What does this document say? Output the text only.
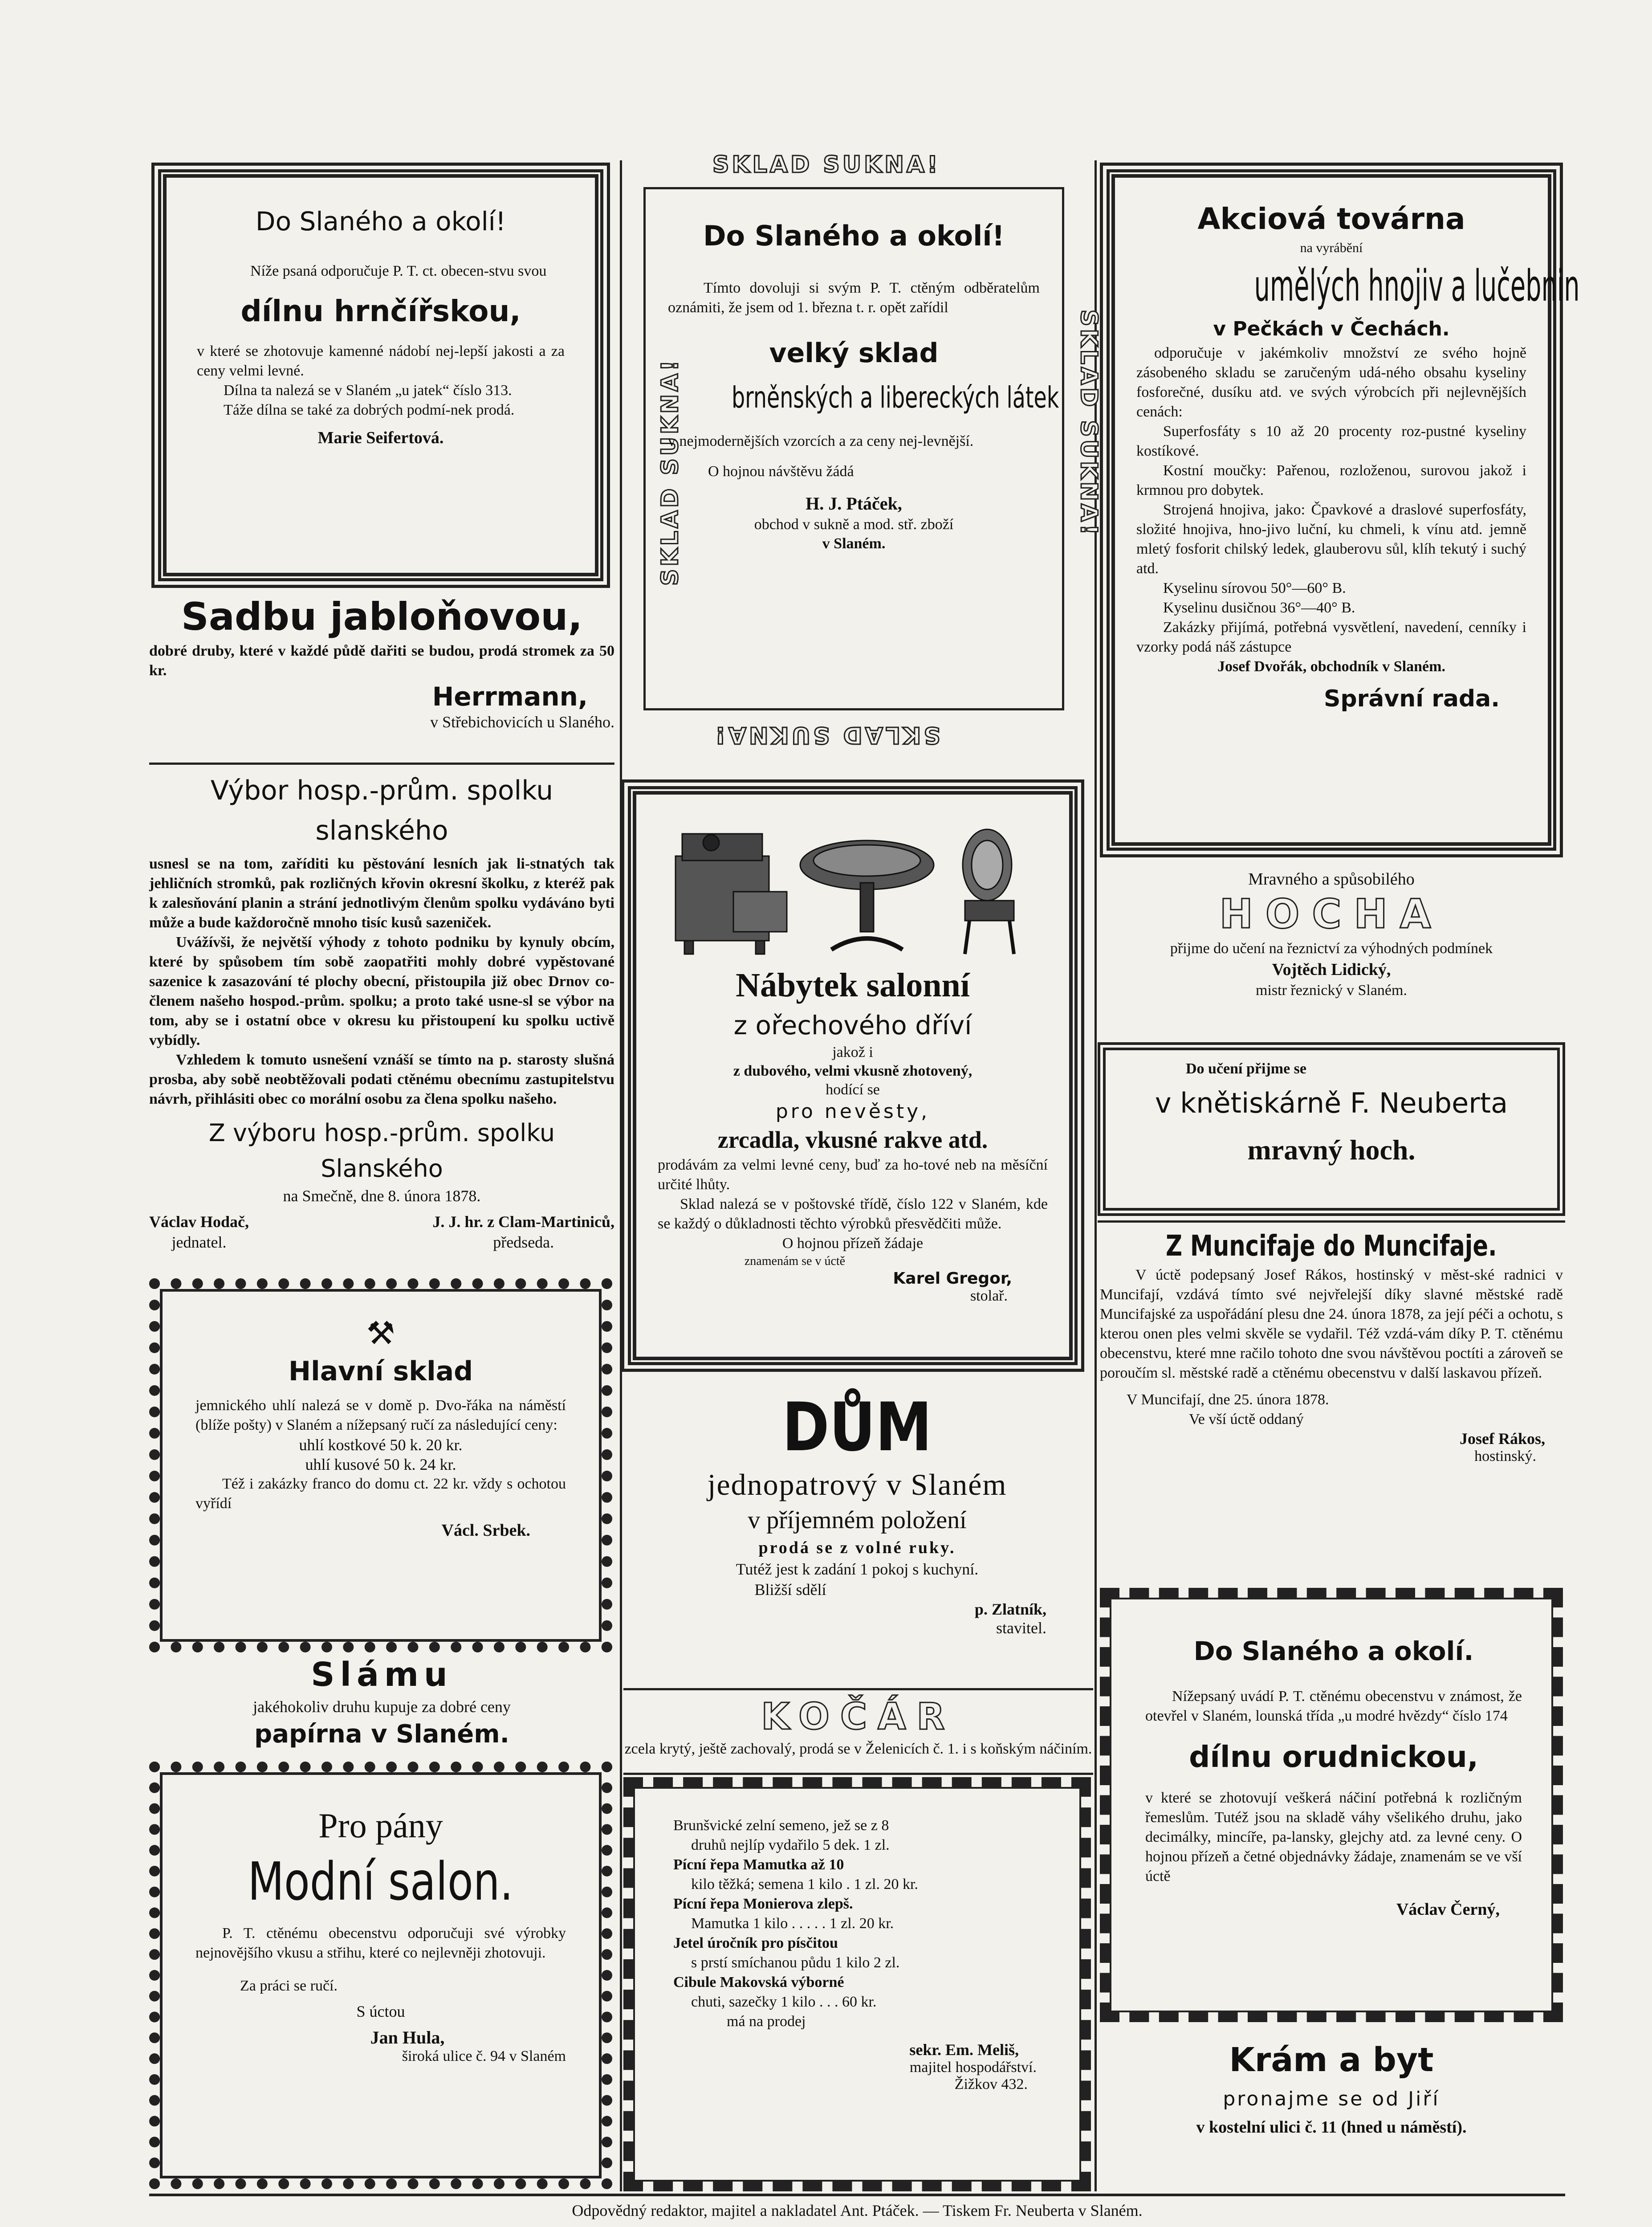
Do Slaného a okolí!

Níže psaná odporučuje P. T. ct. obecen-stvu svou

dílnu hrnčířskou,

v které se zhotovuje kamenné nádobí nej-lepší jakosti a za ceny velmi levné.

Dílna ta nalezá se v Slaném „u jatek“ číslo 313.

Táže dílna se také za dobrých podmí-nek prodá.

Marie Seifertová.

Sadbu jabloňovou,

dobré druby, které v každé půdě dařiti se budou, prodá stromek za 50 kr.

Herrmann,

v Střebichovicích u Slaného.

Výbor hosp.-prům. spolku slanského

usnesl se na tom, zaříditi ku pěstování lesních jak li-stnatých tak jehličních stromků, pak rozličných křovin okresní školku, z kteréž pak k zalesňování planin a strání jednotlivým členům spolku vydáváno byti může a bude každoročně mnoho tisíc kusů sazeniček.

Uvážívši, že největší výhody z tohoto podniku by kynuly obcím, které by spůsobem tím sobě zaopatřiti mohly dobré vypěstované sazenice k zasazování té plochy obecní, přistoupila již obec Drnov co-členem našeho hospod.-prům. spolku; a proto také usne-sl se výbor na tom, aby se i ostatní obce v okresu ku přistoupení ku spolku uctivě vybídly.

Vzhledem k tomuto usnešení vznáší se tímto na p. starosty slušná prosba, aby sobě neobtěžovali podati ctěnému obecnímu zastupitelstvu návrh, přihlásiti obec co morální osobu za člena spolku našeho.

Z výboru hosp.-prům. spolku Slanského

na Smečně, dne 8. února 1878.

Václav Hodač,
jednatel.
J. J. hr. z Clam-Martiniců,
předseda.
⚒

Hlavní sklad

jemnického uhlí nalezá se v domě p. Dvo-řáka na náměstí (blíže pošty) v Slaném a nížepsaný ručí za následující ceny:

uhlí kostkové 50 k. 20 kr.

uhlí kusové 50 k. 24 kr.

Též i zakázky franco do domu ct. 22 kr. vždy s ochotou vyřídí

Václ. Srbek.

Slámu

jakéhokoliv druhu kupuje za dobré ceny

papírna v Slaném.

Pro pány

Modní salon.

P. T. ctěnému obecenstvu odporučuji své výrobky nejnovějšího vkusu a střihu, které co nejlevněji zhotovuji.

Za práci se ručí.

S úctou

Jan Hula,

široká ulice č. 94 v Slaném

SKLAD SUKNA!
SKLAD SUKNA!
SKLAD SUKNA!	SKLAD SUKNA!

Do Slaného a okolí!

Tímto dovoluji si svým P. T. ctěným odběratelům oznámiti, že jsem od 1. března t. r. opět zařídil

velký sklad

brněnských a libereckých látek

v nejmodernějších vzorcích a za ceny nej-levnější.

O hojnou návštěvu žádá

H. J. Ptáček,

obchod v sukně a mod. stř. zboží

v Slaném.

Nábytek salonní

z ořechového dříví

jakož i

z dubového, velmi vkusně zhotovený,

hodící se

pro nevěsty,

zrcadla, vkusné rakve atd.

prodávám za velmi levné ceny, buď za ho-tové neb na měsíční určité lhůty.

Sklad nalezá se v poštovské třídě, číslo 122 v Slaném, kde se každý o důkladnosti těchto výrobků přesvědčiti může.

O hojnou přízeň žádaje

znamenám se v úctě

Karel Gregor,

stolař.

DŮM

jednopatrový v Slaném

v příjemném položení

prodá se z volné ruky.

Tutéž jest k zadání 1 pokoj s kuchyní.

Bližší sdělí

p. Zlatník,

stavitel.

KOČÁR

zcela krytý, ještě zachovalý, prodá se v Želenicích č. 1. i s koňským náčiním.

Brunšvické zelní semeno, jež se z 8

druhů nejlíp vydařilo 5 dek. 1 zl.

Pícní řepa Mamutka až 10

kilo těžká; semena 1 kilo . 1 zl. 20 kr.

Pícní řepa Monierova zlepš.

Mamutka 1 kilo . . . . . 1 zl. 20 kr.

Jetel úročník pro písčitou

s prstí smíchanou půdu 1 kilo 2 zl.

Cibule Makovská výborné

chuti, sazečky 1 kilo . . . 60 kr.

má na prodej

sekr. Em. Meliš,

majitel hospodářství.

Žižkov 432.

Akciová továrna

na vyrábění

umělých hnojiv a lučebnin

v Pečkách v Čechách.

odporučuje v jakémkoliv množství ze svého hojně zásobeného skladu se zaručeným udá-ného obsahu kyseliny fosforečné, dusíku atd. ve svých výrobcích při nejlevnějších cenách:

Superfosfáty s 10 až 20 procenty roz-pustné kyseliny kostíkové.

Kostní moučky: Pařenou, rozloženou, surovou jakož i krmnou pro dobytek.

Strojená hnojiva, jako: Čpavkové a draslové superfosfáty, složité hnojiva, hno-jivo luční, ku chmeli, k vínu atd. jemně mletý fosforit chilský ledek, glauberovu sůl, klíh tekutý i suchý atd.

Kyselinu sírovou 50°—60° B.

Kyselinu dusičnou 36°—40° B.

Zakázky přijímá, potřebná vysvětlení, navedení, cenníky i vzorky podá náš zástupce

Josef Dvořák, obchodník v Slaném.

Správní rada.

Mravného a spůsobilého

HOCHA

přijme do učení na řeznictví za výhodných podmínek

Vojtěch Lidický,

mistr řeznický v Slaném.

Do učení přijme se

v knětiskárně F. Neuberta

mravný hoch.

Z Muncifaje do Muncifaje.

V úctě podepsaný Josef Rákos, hostinský v měst-ské radnici v Muncifají, vzdává tímto své nejvřelejší díky slavné městské radě Muncifajské za uspořádání plesu dne 24. února 1878, za její péči a ochotu, s kterou onen ples velmi skvěle se vydařil. Též vzdá-vám díky P. T. ctěnému obecenstvu, které mne račilo tohoto dne svou návštěvou poctíti a zároveň se poroučím sl. městské radě a ctěnému obecenstvu v další laskavou přízeň.

V Muncifají, dne 25. února 1878.

Ve vší úctě oddaný

Josef Rákos,

hostinský.

Do Slaného a okolí.

Nížepsaný uvádí P. T. ctěnému obecenstvu v známost, že otevřel v Slaném, lounská třída „u modré hvězdy“ číslo 174

dílnu orudnickou,

v které se zhotovují veškerá náčiní potřebná k rozličným řemeslům. Tutéž jsou na skladě váhy všelikého druhu, jako decimálky, mincíře, pa-lansky, glejchy atd. za levné ceny. O hojnou přízeň a četné objednávky žádaje, znamenám se ve vší úctě

Václav Černý,

Krám a byt

pronajme se od Jiří

v kostelní ulici č. 11 (hned u náměstí).

Odpovědný redaktor, majitel a nakladatel Ant. Ptáček. — Tiskem Fr. Neuberta v Slaném.
